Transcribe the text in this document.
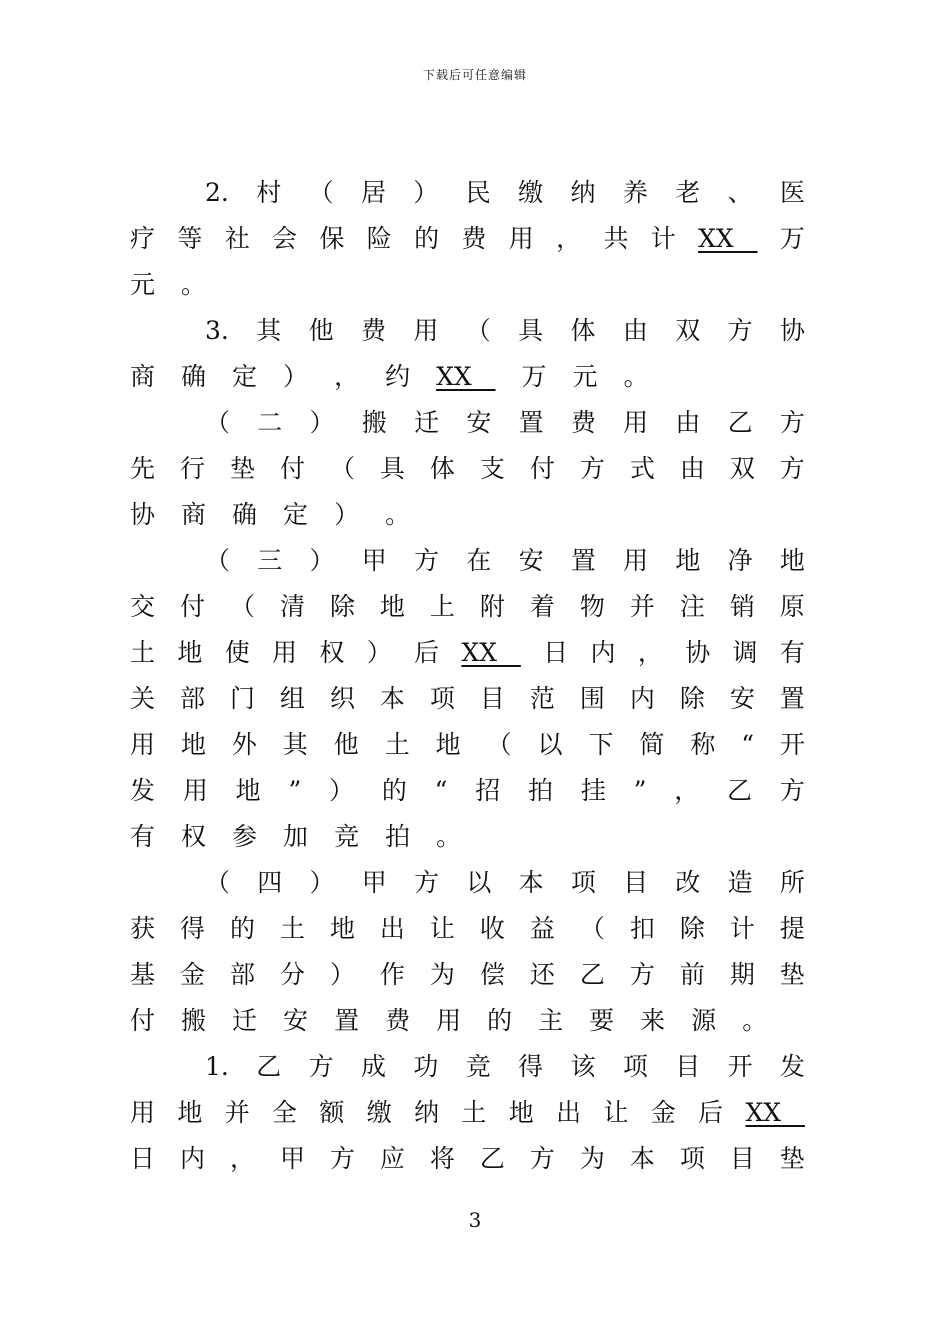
下载后可任意编辑
2. 村 （ 居 ） 民 缴 纳 养 老 、 医
疗 等 社 会 保 险 的 费 用 ， 共 计 XX 万
元 。
3. 其 他 费 用 （ 具 体 由 双 方 协
商 确 定 ） ， 约 XX 万 元 。
（ 二 ） 搬 迁 安 置 费 用 由 乙 方
先 行 垫 付 （ 具 体 支 付 方 式 由 双 方
协 商 确 定 ） 。
（ 三 ） 甲 方 在 安 置 用 地 净 地
交 付 （ 清 除 地 上 附 着 物 并 注 销 原
土 地 使 用 权 ） 后 XX 日 内 ， 协 调 有
关 部 门 组 织 本 项 目 范 围 内 除 安 置
用 地 外 其 他 土 地 （ 以 下 简 称 “ 开
发 用 地 ” ） 的 “ 招 拍 挂 ” ， 乙 方
有 权 参 加 竞 拍 。
（ 四 ） 甲 方 以 本 项 目 改 造 所
获 得 的 土 地 出 让 收 益 （ 扣 除 计 提
基 金 部 分 ） 作 为 偿 还 乙 方 前 期 垫
付 搬 迁 安 置 费 用 的 主 要 来 源 。
1. 乙 方 成 功 竞 得 该 项 目 开 发
用 地 并 全 额 缴 纳 土 地 出 让 金 后 XX
日 内 ， 甲 方 应 将 乙 方 为 本 项 目 垫
3
